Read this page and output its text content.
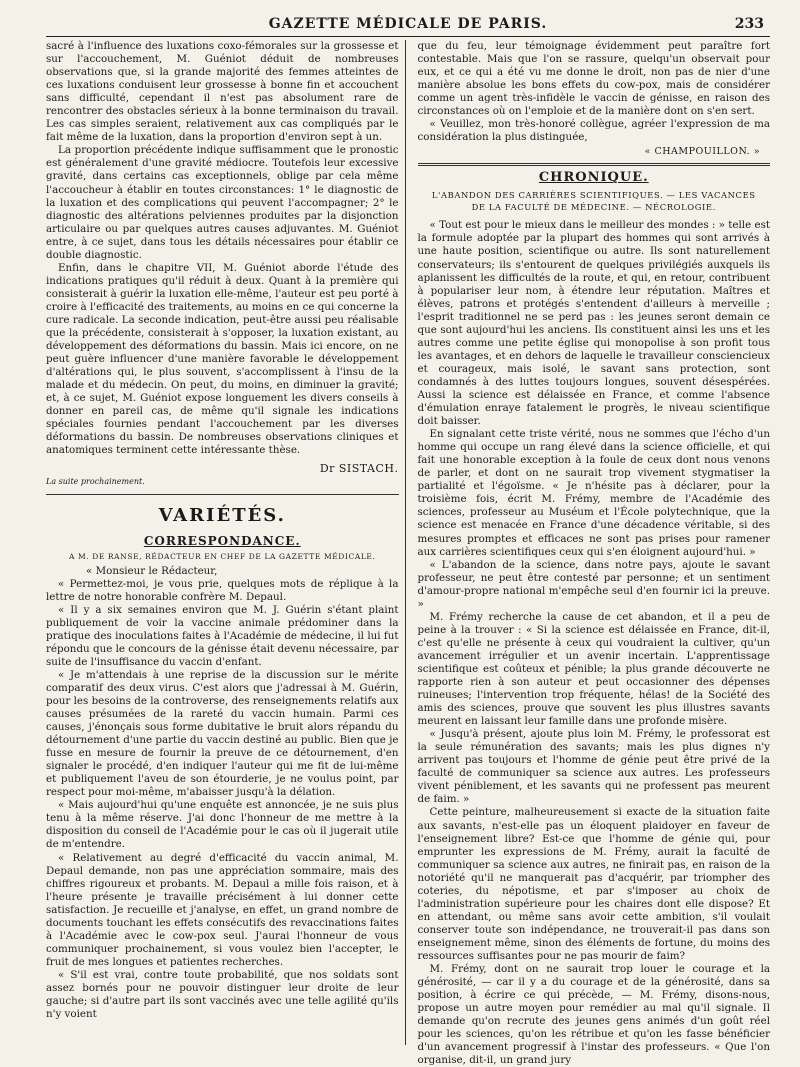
GAZETTE MÉDICALE DE PARIS.	233

sacré à l'influence des luxations coxo-fémorales sur la grossesse et sur l'accouchement, M. Guéniot déduit de nombreuses observations que, si la grande majorité des femmes atteintes de ces luxations conduisent leur grossesse à bonne fin et accouchent sans difficulté, cependant il n'est pas absolument rare de rencontrer des obstacles sérieux à la bonne terminaison du travail. Les cas simples seraient, relativement aux cas compliqués par le fait même de la luxation, dans la proportion d'environ sept à un.

La proportion précédente indique suffisamment que le pronostic est généralement d'une gravité médiocre. Toutefois leur excessive gravité, dans certains cas exceptionnels, oblige par cela même l'accoucheur à établir en toutes circonstances: 1° le diagnostic de la luxation et des complications qui peuvent l'accompagner; 2° le diagnostic des altérations pelviennes produites par la disjonction articulaire ou par quelques autres causes adjuvantes. M. Guéniot entre, à ce sujet, dans tous les détails nécessaires pour établir ce double diagnostic.

Enfin, dans le chapitre VII, M. Guéniot aborde l'étude des indications pratiques qu'il réduit à deux. Quant à la première qui consisterait à guérir la luxation elle-même, l'auteur est peu porté à croire à l'efficacité des traitements, au moins en ce qui concerne la cure radicale. La seconde indication, peut-être aussi peu réalisable que la précédente, consisterait à s'opposer, la luxation existant, au développement des déformations du bassin. Mais ici encore, on ne peut guère influencer d'une manière favorable le développement d'altérations qui, le plus souvent, s'accomplissent à l'insu de la malade et du médecin. On peut, du moins, en diminuer la gravité; et, à ce sujet, M. Guéniot expose longuement les divers conseils à donner en pareil cas, de même qu'il signale les indications spéciales fournies pendant l'accouchement par les diverses déformations du bassin. De nombreuses observations cliniques et anatomiques terminent cette intéressante thèse.

Dr SISTACH.
La suite prochainement.
VARIÉTÉS.
CORRESPONDANCE.
A M. DE RANSE, RÉDACTEUR EN CHEF DE LA GAZETTE MÉDICALE.

« Monsieur le Rédacteur,

« Permettez-moi, je vous prie, quelques mots de réplique à la lettre de notre honorable confrère M. Depaul.

« Il y a six semaines environ que M. J. Guérin s'étant plaint publiquement de voir la vaccine animale prédominer dans la pratique des inoculations faites à l'Académie de médecine, il lui fut répondu que le concours de la génisse était devenu nécessaire, par suite de l'insuffisance du vaccin d'enfant.

« Je m'attendais à une reprise de la discussion sur le mérite comparatif des deux virus. C'est alors que j'adressai à M. Guérin, pour les besoins de la controverse, des renseignements relatifs aux causes présumées de la rareté du vaccin humain. Parmi ces causes, j'énonçais sous forme dubitative le bruit alors répandu du détournement d'une partie du vaccin destiné au public. Bien que je fusse en mesure de fournir la preuve de ce détournement, d'en signaler le procédé, d'en indiquer l'auteur qui me fit de lui-même et publiquement l'aveu de son étourderie, je ne voulus point, par respect pour moi-même, m'abaisser jusqu'à la délation.

« Mais aujourd'hui qu'une enquête est annoncée, je ne suis plus tenu à la même réserve. J'ai donc l'honneur de me mettre à la disposition du conseil de l'Académie pour le cas où il jugerait utile de m'entendre.

« Relativement au degré d'efficacité du vaccin animal, M. Depaul demande, non pas une appréciation sommaire, mais des chiffres rigoureux et probants. M. Depaul a mille fois raison, et à l'heure présente je travaille précisément à lui donner cette satisfaction. Je recueille et j'analyse, en effet, un grand nombre de documents touchant les effets consécutifs des revaccinations faites à l'Académie avec le cow-pox seul. J'aurai l'honneur de vous communiquer prochainement, si vous voulez bien l'accepter, le fruit de mes longues et patientes recherches.

« S'il est vrai, contre toute probabilité, que nos soldats sont assez bornés pour ne pouvoir distinguer leur droite de leur gauche; si d'autre part ils sont vaccinés avec une telle agilité qu'ils n'y voient

que du feu, leur témoignage évidemment peut paraître fort contestable. Mais que l'on se rassure, quelqu'un observait pour eux, et ce qui a été vu me donne le droit, non pas de nier d'une manière absolue les bons effets du cow-pox, mais de considérer comme un agent très-infidèle le vaccin de génisse, en raison des circonstances où on l'emploie et de la manière dont on s'en sert.

« Veuillez, mon très-honoré collègue, agréer l'expression de ma considération la plus distinguée,

« CHAMPOUILLON. »
CHRONIQUE.
L'ABANDON DES CARRIÈRES SCIENTIFIQUES. — LES VACANCES
DE LA FACULTÉ DE MÉDECINE. — NÉCROLOGIE.

« Tout est pour le mieux dans le meilleur des mondes : » telle est la formule adoptée par la plupart des hommes qui sont arrivés à une haute position, scientifique ou autre. Ils sont naturellement conservateurs; ils s'entourent de quelques privilégiés auxquels ils aplanissent les difficultés de la route, et qui, en retour, contribuent à populariser leur nom, à étendre leur réputation. Maîtres et élèves, patrons et protégés s'entendent d'ailleurs à merveille ; l'esprit traditionnel ne se perd pas : les jeunes seront demain ce que sont aujourd'hui les anciens. Ils constituent ainsi les uns et les autres comme une petite église qui monopolise à son profit tous les avantages, et en dehors de laquelle le travailleur consciencieux et courageux, mais isolé, le savant sans protection, sont condamnés à des luttes toujours longues, souvent désespérées. Aussi la science est délaissée en France, et comme l'absence d'émulation enraye fatalement le progrès, le niveau scientifique doit baisser.

En signalant cette triste vérité, nous ne sommes que l'écho d'un homme qui occupe un rang élevé dans la science officielle, et qui fait une honorable exception à la foule de ceux dont nous venons de parler, et dont on ne saurait trop vivement stygmatiser la partialité et l'égoïsme. « Je n'hésite pas à déclarer, pour la troisième fois, écrit M. Frémy, membre de l'Académie des sciences, professeur au Muséum et l'École polytechnique, que la science est menacée en France d'une décadence véritable, si des mesures promptes et efficaces ne sont pas prises pour ramener aux carrières scientifiques ceux qui s'en éloignent aujourd'hui. »

« L'abandon de la science, dans notre pays, ajoute le savant professeur, ne peut être contesté par personne; et un sentiment d'amour-propre national m'empêche seul d'en fournir ici la preuve. »

M. Frémy recherche la cause de cet abandon, et il a peu de peine à la trouver : « Si la science est délaissée en France, dit-il, c'est qu'elle ne présente à ceux qui voudraient la cultiver, qu'un avancement irrégulier et un avenir incertain. L'apprentissage scientifique est coûteux et pénible; la plus grande découverte ne rapporte rien à son auteur et peut occasionner des dépenses ruineuses; l'intervention trop fréquente, hélas! de la Société des amis des sciences, prouve que souvent les plus illustres savants meurent en laissant leur famille dans une profonde misère.

« Jusqu'à présent, ajoute plus loin M. Frémy, le professorat est la seule rémunération des savants; mais les plus dignes n'y arrivent pas toujours et l'homme de génie peut être privé de la faculté de communiquer sa science aux autres. Les professeurs vivent péniblement, et les savants qui ne professent pas meurent de faim. »

Cette peinture, malheureusement si exacte de la situation faite aux savants, n'est-elle pas un éloquent plaidoyer en faveur de l'enseignement libre? Est-ce que l'homme de génie qui, pour emprunter les expressions de M. Frémy, aurait la faculté de communiquer sa science aux autres, ne finirait pas, en raison de la notoriété qu'il ne manquerait pas d'acquérir, par triompher des coteries, du népotisme, et par s'imposer au choix de l'administration supérieure pour les chaires dont elle dispose? Et en attendant, ou même sans avoir cette ambition, s'il voulait conserver toute son indépendance, ne trouverait-il pas dans son enseignement même, sinon des éléments de fortune, du moins des ressources suffisantes pour ne pas mourir de faim?

M. Frémy, dont on ne saurait trop louer le courage et la générosité, — car il y a du courage et de la générosité, dans sa position, à écrire ce qui précède, — M. Frémy, disons-nous, propose un autre moyen pour remédier au mal qu'il signale. Il demande qu'on recrute des jeunes gens animés d'un goût réel pour les sciences, qu'on les rétribue et qu'on les fasse bénéficier d'un avancement progressif à l'instar des professeurs. « Que l'on organise, dit-il, un grand jury
